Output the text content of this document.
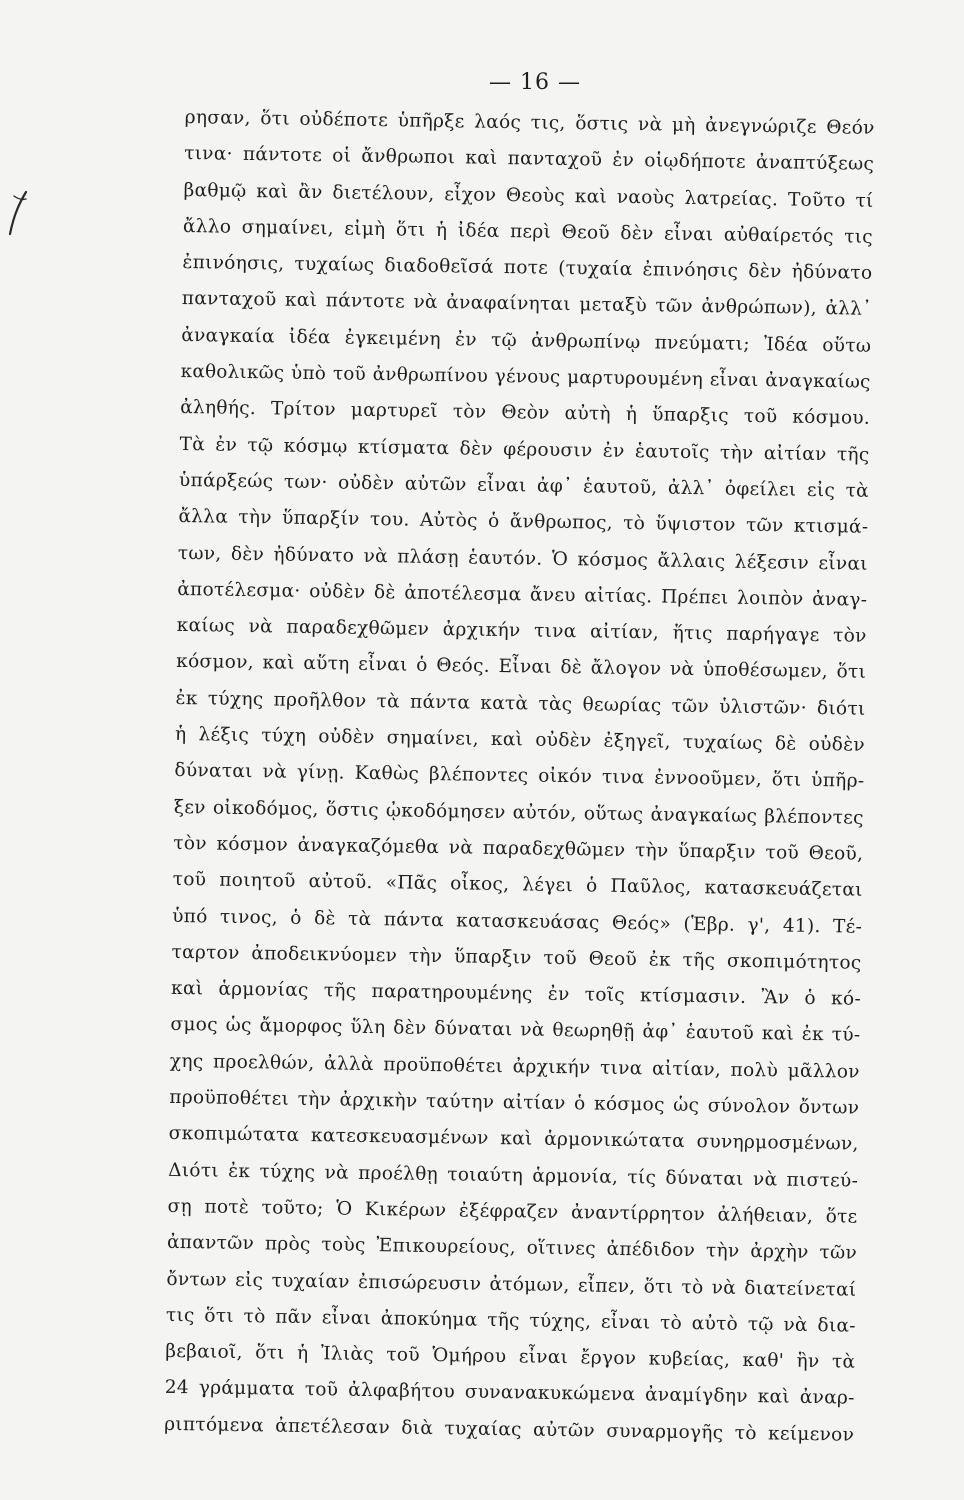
— 16 —
ρησαν, ὅτι οὐδέποτε ὑπῆρξε λαός τις, ὅστις νὰ μὴ ἀνεγνώριζε Θεόν
τινα· πάντοτε οἱ ἄνθρωποι καὶ πανταχοῦ ἐν οἱῳδήποτε ἀναπτύξεως
βαθμῷ καὶ ἂν διετέλουν, εἶχον Θεοὺς καὶ ναοὺς λατρείας. Τοῦτο τί
ἄλλο σημαίνει, εἰμὴ ὅτι ἡ ἰδέα περὶ Θεοῦ δὲν εἶναι αὐθαίρετός τις
ἐπινόησις, τυχαίως διαδοθεῖσά ποτε (τυχαία ἐπινόησις δὲν ἠδύνατο
πανταχοῦ καὶ πάντοτε νὰ ἀναφαίνηται μεταξὺ τῶν ἀνθρώπων), ἀλλ᾽
ἀναγκαία ἰδέα ἐγκειμένη ἐν τῷ ἀνθρωπίνῳ πνεύματι; Ἰδέα οὕτω
καθολικῶς ὑπὸ τοῦ ἀνθρωπίνου γένους μαρτυρουμένη εἶναι ἀναγκαίως
ἀληθής. Τρίτον μαρτυρεῖ τὸν Θεὸν αὐτὴ ἡ ὕπαρξις τοῦ κόσμου.
Τὰ ἐν τῷ κόσμῳ κτίσματα δὲν φέρουσιν ἐν ἑαυτοῖς τὴν αἰτίαν τῆς
ὑπάρξεώς των· οὐδὲν αὐτῶν εἶναι ἀφ᾽ ἑαυτοῦ, ἀλλ᾽ ὀφείλει εἰς τὰ
ἄλλα τὴν ὕπαρξίν του. Αὐτὸς ὁ ἄνθρωπος, τὸ ὕψιστον τῶν κτισμά-
των, δὲν ἠδύνατο νὰ πλάσῃ ἑαυτόν. Ὁ κόσμος ἄλλαις λέξεσιν εἶναι
ἀποτέλεσμα· οὐδὲν δὲ ἀποτέλεσμα ἄνευ αἰτίας. Πρέπει λοιπὸν ἀναγ-
καίως νὰ παραδεχθῶμεν ἀρχικήν τινα αἰτίαν, ἥτις παρήγαγε τὸν
κόσμον, καὶ αὕτη εἶναι ὁ Θεός. Εἶναι δὲ ἄλογον νὰ ὑποθέσωμεν, ὅτι
ἐκ τύχης προῆλθον τὰ πάντα κατὰ τὰς θεωρίας τῶν ὑλιστῶν· διότι
ἡ λέξις τύχη οὐδὲν σημαίνει, καὶ οὐδὲν ἐξηγεῖ, τυχαίως δὲ οὐδὲν
δύναται νὰ γίνῃ. Καθὼς βλέποντες οἰκόν τινα ἐννοοῦμεν, ὅτι ὑπῆρ-
ξεν οἰκοδόμος, ὅστις ᾠκοδόμησεν αὐτόν, οὕτως ἀναγκαίως βλέποντες
τὸν κόσμον ἀναγκαζόμεθα νὰ παραδεχθῶμεν τὴν ὕπαρξιν τοῦ Θεοῦ,
τοῦ ποιητοῦ αὐτοῦ. «Πᾶς οἶκος, λέγει ὁ Παῦλος, κατασκευάζεται
ὑπό τινος, ὁ δὲ τὰ πάντα κατασκευάσας Θεός» (Ἑβρ. γ', 41). Τέ-
ταρτον ἀποδεικνύομεν τὴν ὕπαρξιν τοῦ Θεοῦ ἐκ τῆς σκοπιμότητος
καὶ ἁρμονίας τῆς παρατηρουμένης ἐν τοῖς κτίσμασιν. Ἂν ὁ κό-
σμος ὡς ἄμορφος ὕλη δὲν δύναται νὰ θεωρηθῇ ἀφ᾽ ἑαυτοῦ καὶ ἐκ τύ-
χης προελθών, ἀλλὰ προϋποθέτει ἀρχικήν τινα αἰτίαν, πολὺ μᾶλλον
προϋποθέτει τὴν ἀρχικὴν ταύτην αἰτίαν ὁ κόσμος ὡς σύνολον ὄντων
σκοπιμώτατα κατεσκευασμένων καὶ ἁρμονικώτατα συνηρμοσμένων,
Διότι ἐκ τύχης νὰ προέλθῃ τοιαύτη ἁρμονία, τίς δύναται νὰ πιστεύ-
σῃ ποτὲ τοῦτο; Ὁ Κικέρων ἐξέφραζεν ἀναντίρρητον ἀλήθειαν, ὅτε
ἀπαντῶν πρὸς τοὺς Ἐπικουρείους, οἵτινες ἀπέδιδον τὴν ἀρχὴν τῶν
ὄντων εἰς τυχαίαν ἐπισώρευσιν ἀτόμων, εἶπεν, ὅτι τὸ νὰ διατείνεταί
τις ὅτι τὸ πᾶν εἶναι ἀποκύημα τῆς τύχης, εἶναι τὸ αὐτὸ τῷ νὰ δια-
βεβαιοῖ, ὅτι ἡ Ἰλιὰς τοῦ Ὁμήρου εἶναι ἔργον κυβείας, καθ' ἣν τὰ
24 γράμματα τοῦ ἀλφαβήτου συνανακυκώμενα ἀναμίγδην καὶ ἀναρ-
ριπτόμενα ἀπετέλεσαν διὰ τυχαίας αὐτῶν συναρμογῆς τὸ κείμενον
